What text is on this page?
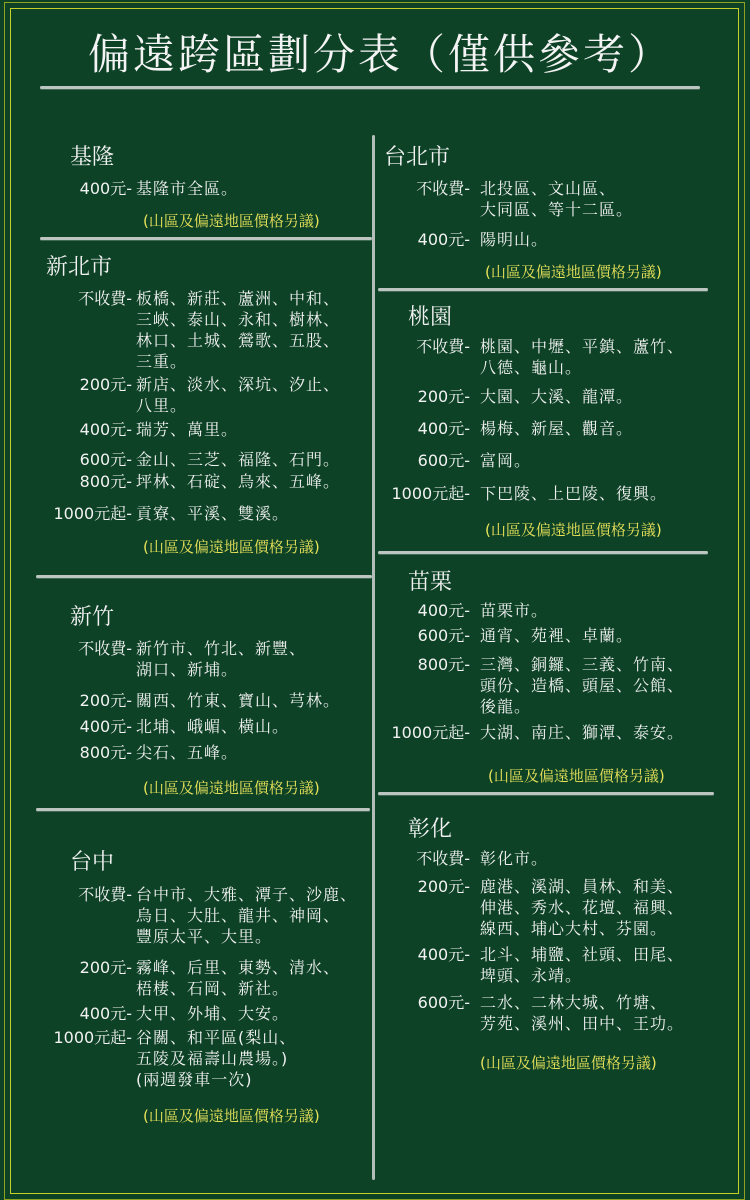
偏遠跨區劃分表（僅供參考）
基隆
400元- 基隆市全區。
(山區及偏遠地區價格另議)
新北市
不收費- 板橋、新莊、蘆洲、中和、
三峽、泰山、永和、樹林、
林口、土城、鶯歌、五股、
三重。
200元- 新店、淡水、深坑、汐止、
八里。
400元- 瑞芳、萬里。
600元- 金山、三芝、福隆、石門。
800元- 坪林、石碇、烏來、五峰。
1000元起- 貢寮、平溪、雙溪。
(山區及偏遠地區價格另議)
新竹
不收費- 新竹市、竹北、新豐、
湖口、新埔。
200元- 關西、竹東、寶山、芎林。
400元- 北埔、峨嵋、橫山。
800元- 尖石、五峰。
(山區及偏遠地區價格另議)
台中
不收費- 台中市、大雅、潭子、沙鹿、
烏日、大肚、龍井、神岡、
豐原太平、大里。
200元- 霧峰、后里、東勢、清水、
梧棲、石岡、新社。
400元- 大甲、外埔、大安。
1000元起- 谷關、和平區(梨山、
五陵及福壽山農場。)
(兩週發車一次)
(山區及偏遠地區價格另議)
台北市
不收費- 北投區、文山區、
大同區、等十二區。
400元- 陽明山。
(山區及偏遠地區價格另議)
桃園
不收費- 桃園、中壢、平鎮、蘆竹、
八德、龜山。
200元- 大園、大溪、龍潭。
400元- 楊梅、新屋、觀音。
600元- 富岡。
1000元起- 下巴陵、上巴陵、復興。
(山區及偏遠地區價格另議)
苗栗
400元- 苗栗市。
600元- 通宵、苑裡、卓蘭。
800元- 三灣、銅鑼、三義、竹南、
頭份、造橋、頭屋、公館、
後龍。
1000元起- 大湖、南庄、獅潭、泰安。
(山區及偏遠地區價格另議)
彰化
不收費- 彰化市。
200元- 鹿港、溪湖、員林、和美、
伸港、秀水、花壇、福興、
線西、埔心大村、芬園。
400元- 北斗、埔鹽、社頭、田尾、
埤頭、永靖。
600元- 二水、二林大城、竹塘、
芳苑、溪州、田中、王功。
(山區及偏遠地區價格另議)
